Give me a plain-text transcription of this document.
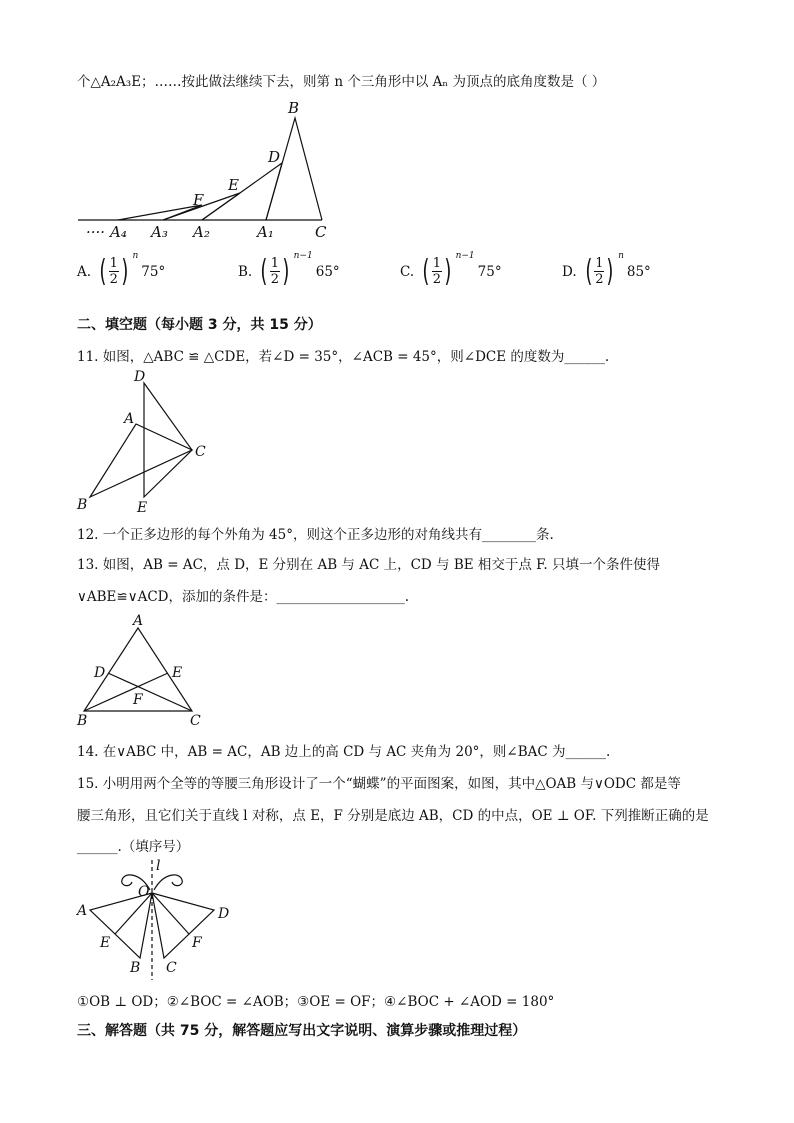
个△A₂A₃E；……按此做法继续下去，则第 n 个三角形中以 Aₙ 为顶点的底角度数是（ ）
B
D
E
F
···· A₄ A₃ A₂	A₁	C
A. ( 1
2 ) n
75°	B. ( 1
2 ) n−1
65°	C. ( 1
2 ) n−1
75°	D. ( 1
2 ) n
85°
二、填空题（每小题 3 分，共 15 分）
11. 如图，△ABC ≌ △CDE，若∠D = 35°，∠ACB = 45°，则∠DCE 的度数为______.
D
A
C
B	E
12. 一个正多边形的每个外角为 45°，则这个正多边形的对角线共有________条.
13. 如图，AB = AC，点 D，E 分别在 AB 与 AC 上，CD 与 BE 相交于点 F. 只填一个条件使得
∨ABE≌∨ACD，添加的条件是：___________________.
A
D	E
F
B	C
14. 在∨ABC 中，AB = AC，AB 边上的高 CD 与 AC 夹角为 20°，则∠BAC 为______.
15. 小明用两个全等的等腰三角形设计了一个“蝴蝶”的平面图案，如图，其中△OAB 与∨ODC 都是等
腰三角形，且它们关于直线 l 对称，点 E，F 分别是底边 AB，CD 的中点，OE ⊥ OF. 下列推断正确的是
______.（填序号）
l
O
A	D
E	F
B C
①OB ⊥ OD；②∠BOC = ∠AOB；③OE = OF；④∠BOC + ∠AOD = 180°
三、解答题（共 75 分，解答题应写出文字说明、演算步骤或推理过程）
